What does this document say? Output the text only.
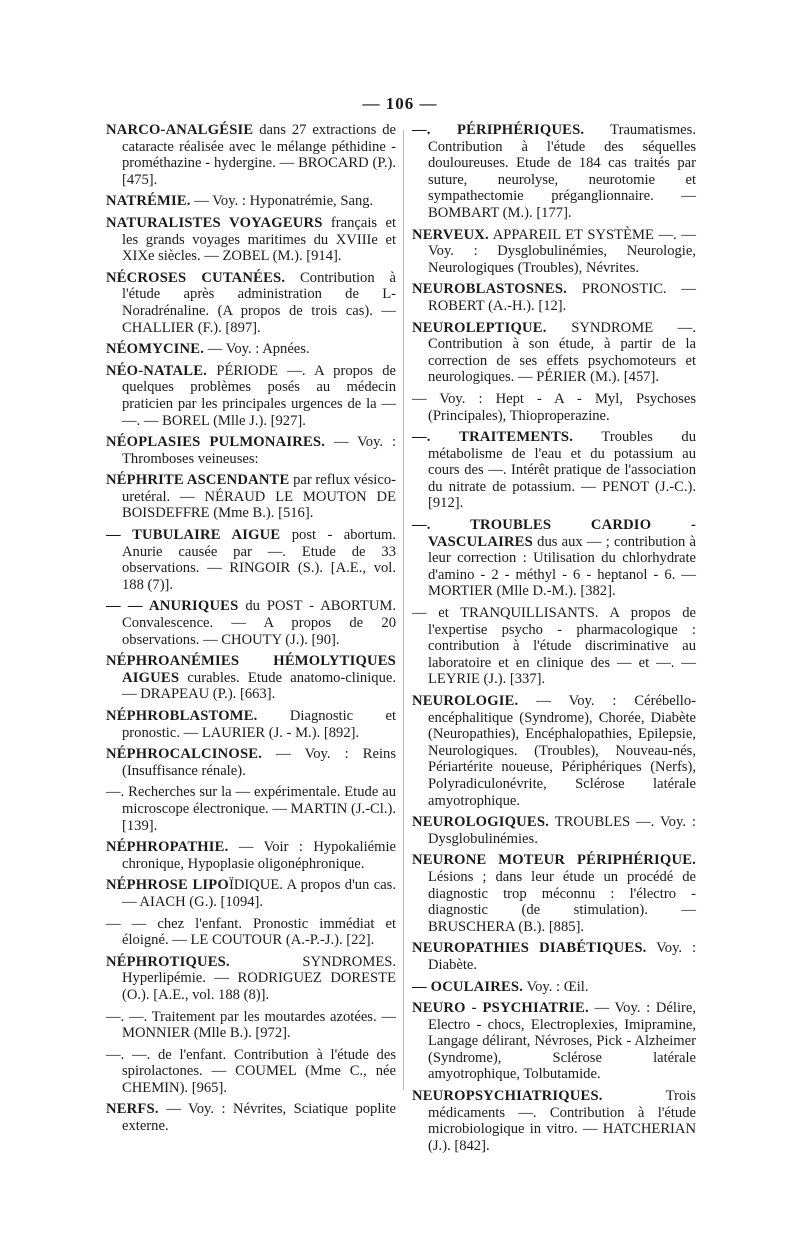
— 106 —

NARCO-ANALGÉSIE dans 27 extractions de cataracte réalisée avec le mélange péthidine - prométhazine - hydergine. — BROCARD (P.). [475].

NATRÉMIE. — Voy. : Hyponatrémie, Sang.

NATURALISTES VOYAGEURS français et les grands voyages maritimes du XVIIIe et XIXe siècles. — ZOBEL (M.). [914].

NÉCROSES CUTANÉES. Contribution à l'étude après administration de L-Noradrénaline. (A propos de trois cas). — CHALLIER (F.). [897].

NÉOMYCINE. — Voy. : Apnées.

NÉO-NATALE. PÉRIODE —. A propos de quelques problèmes posés au médecin praticien par les principales urgences de la — —. — BOREL (Mlle J.). [927].

NÉOPLASIES PULMONAIRES. — Voy. : Thromboses veineuses:

NÉPHRITE ASCENDANTE par reflux vésico-uretéral. — NÉRAUD LE MOUTON DE BOISDEFFRE (Mme B.). [516].

— TUBULAIRE AIGUE post - abortum. Anurie causée par —. Etude de 33 observations. — RINGOIR (S.). [A.E., vol. 188 (7)].

— — ANURIQUES du POST - ABORTUM. Convalescence. — A propos de 20 observations. — CHOUTY (J.). [90].

NÉPHROANÉMIES HÉMOLYTIQUES AIGUES curables. Etude anatomo-clinique. — DRAPEAU (P.). [663].

NÉPHROBLASTOME. Diagnostic et pronostic. — LAURIER (J. - M.). [892].

NÉPHROCALCINOSE. — Voy. : Reins (Insuffisance rénale).

—. Recherches sur la — expérimentale. Etude au microscope électronique. — MARTIN (J.-Cl.). [139].

NÉPHROPATHIE. — Voir : Hypokaliémie chronique, Hypoplasie oligonéphronique.

NÉPHROSE LIPOÏDIQUE. A propos d'un cas. — AIACH (G.). [1094].

— — chez l'enfant. Pronostic immédiat et éloigné. — LE COUTOUR (A.-P.-J.). [22].

NÉPHROTIQUES. SYNDROMES. Hyperlipémie. — RODRIGUEZ DORESTE (O.). [A.E., vol. 188 (8)].

—. —. Traitement par les moutardes azotées. — MONNIER (Mlle B.). [972].

—. —. de l'enfant. Contribution à l'étude des spirolactones. — COUMEL (Mme C., née CHEMIN). [965].

NERFS. — Voy. : Névrites, Sciatique poplite externe.

—. PÉRIPHÉRIQUES. Traumatismes. Contribution à l'étude des séquelles douloureuses. Etude de 184 cas traités par suture, neurolyse, neurotomie et sympathectomie préganglionnaire. — BOMBART (M.). [177].

NERVEUX. APPAREIL ET SYSTÈME —. — Voy. : Dysglobulinémies, Neurologie, Neurologiques (Troubles), Névrites.

NEUROBLASTOSNES. PRONOSTIC. — ROBERT (A.-H.). [12].

NEUROLEPTIQUE. SYNDROME —. Contribution à son étude, à partir de la correction de ses effets psychomoteurs et neurologiques. — PÉRIER (M.). [457].

— Voy. : Hept - A - Myl, Psychoses (Principales), Thioproperazine.

—. TRAITEMENTS. Troubles du métabolisme de l'eau et du potassium au cours des —. Intérêt pratique de l'association du nitrate de potassium. — PENOT (J.-C.). [912].

—. TROUBLES CARDIO - VASCULAIRES dus aux — ; contribution à leur correction : Utilisation du chlorhydrate d'amino - 2 - méthyl - 6 - heptanol - 6. — MORTIER (Mlle D.-M.). [382].

— et TRANQUILLISANTS. A propos de l'expertise psycho - pharmacologique : contribution à l'étude discriminative au laboratoire et en clinique des — et —. — LEYRIE (J.). [337].

NEUROLOGIE. — Voy. : Cérébello-encéphalitique (Syndrome), Chorée, Diabète (Neuropathies), Encéphalopathies, Epilepsie, Neurologiques. (Troubles), Nouveau-nés, Périartérite noueuse, Périphériques (Nerfs), Polyradiculonévrite, Sclérose latérale amyotrophique.

NEUROLOGIQUES. TROUBLES —. Voy. : Dysglobulinémies.

NEURONE MOTEUR PÉRIPHÉRIQUE. Lésions ; dans leur étude un procédé de diagnostic trop méconnu : l'électro - diagnostic (de stimulation). — BRUSCHERA (B.). [885].

NEUROPATHIES DIABÉTIQUES. Voy. : Diabète.

— OCULAIRES. Voy. : Œil.

NEURO - PSYCHIATRIE. — Voy. : Délire, Electro - chocs, Electroplexies, Imipramine, Langage délirant, Névroses, Pick - Alzheimer (Syndrome), Sclérose latérale amyotrophique, Tolbutamide.

NEUROPSYCHIATRIQUES. Trois médicaments —. Contribution à l'étude microbiologique in vitro. — HATCHERIAN (J.). [842].
